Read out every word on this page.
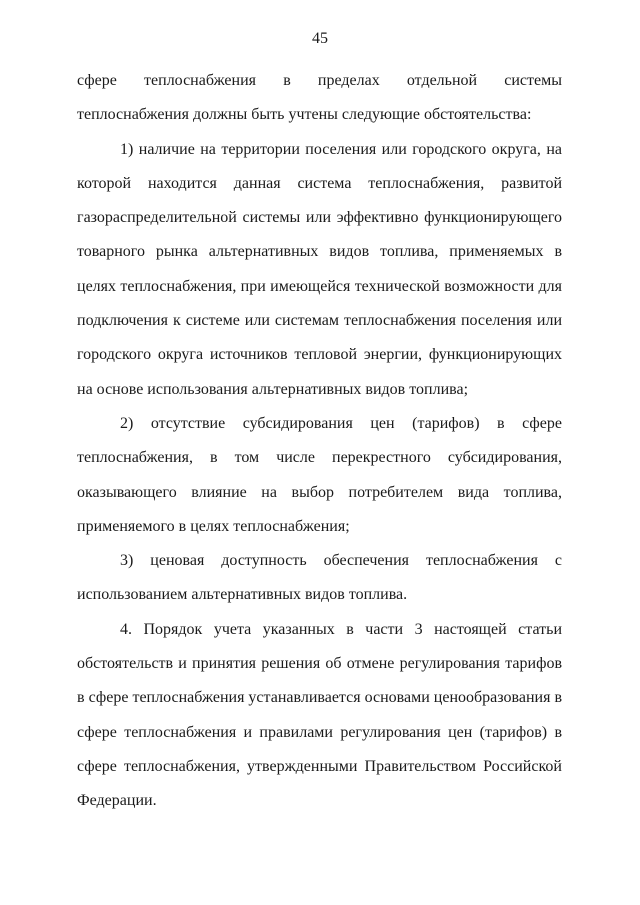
45

сфере теплоснабжения в пределах отдельной системы теплоснабжения должны быть учтены следующие обстоятельства:

1) наличие на территории поселения или городского округа, на которой находится данная система теплоснабжения, развитой газораспределительной системы или эффективно функционирующего товарного рынка альтернативных видов топлива, применяемых в целях теплоснабжения, при имеющейся технической возможности для подключения к системе или системам теплоснабжения поселения или городского округа источников тепловой энергии, функционирующих на основе использования альтернативных видов топлива;

2) отсутствие субсидирования цен (тарифов) в сфере теплоснабжения, в том числе перекрестного субсидирования, оказывающего влияние на выбор потребителем вида топлива, применяемого в целях теплоснабжения;

3) ценовая доступность обеспечения теплоснабжения с использованием альтернативных видов топлива.

4. Порядок учета указанных в части 3 настоящей статьи обстоятельств и принятия решения об отмене регулирования тарифов в сфере теплоснабжения устанавливается основами ценообразования в сфере теплоснабжения и правилами регулирования цен (тарифов) в сфере теплоснабжения, утвержденными Правительством Российской Федерации.
